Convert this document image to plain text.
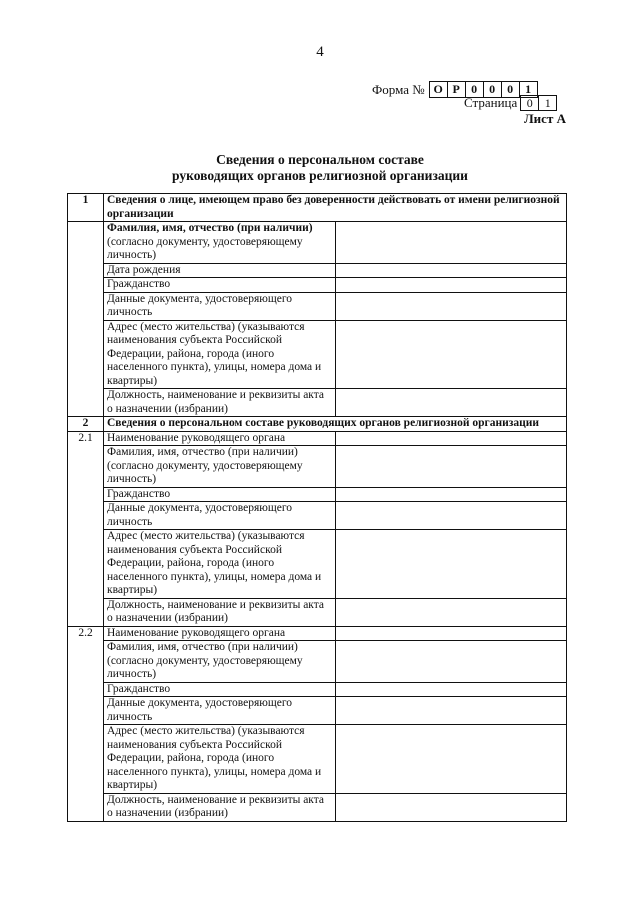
4
Форма № О Р 0	0	0	1
Страница 0	1
Лист А
Сведения о персональном составе
руководящих органов религиозной организации
1	Сведения о лице, имеющем право без доверенности действовать от имени религиозной организации	
	Фамилия, имя, отчество (при наличии) (согласно документу, удостоверяющему личность)	
	Дата рождения	
	Гражданство	
	Данные документа, удостоверяющего личность	
	Адрес (место жительства) (указываются наименования субъекта Российской Федерации, района, города (иного населенного пункта), улицы, номера дома и квартиры)	
	Должность, наименование и реквизиты акта о назначении (избрании)	
2	Сведения о персональном составе руководящих органов религиозной организации	
2.1	Наименование руководящего органа	
	Фамилия, имя, отчество (при наличии) (согласно документу, удостоверяющему личность)	
	Гражданство	
	Данные документа, удостоверяющего личность	
	Адрес (место жительства) (указываются наименования субъекта Российской Федерации, района, города (иного населенного пункта), улицы, номера дома и квартиры)	
	Должность, наименование и реквизиты акта о назначении (избрании)	
2.2	Наименование руководящего органа	
	Фамилия, имя, отчество (при наличии) (согласно документу, удостоверяющему личность)	
	Гражданство	
	Данные документа, удостоверяющего личность	
	Адрес (место жительства) (указываются наименования субъекта Российской Федерации, района, города (иного населенного пункта), улицы, номера дома и квартиры)	
	Должность, наименование и реквизиты акта о назначении (избрании)	
